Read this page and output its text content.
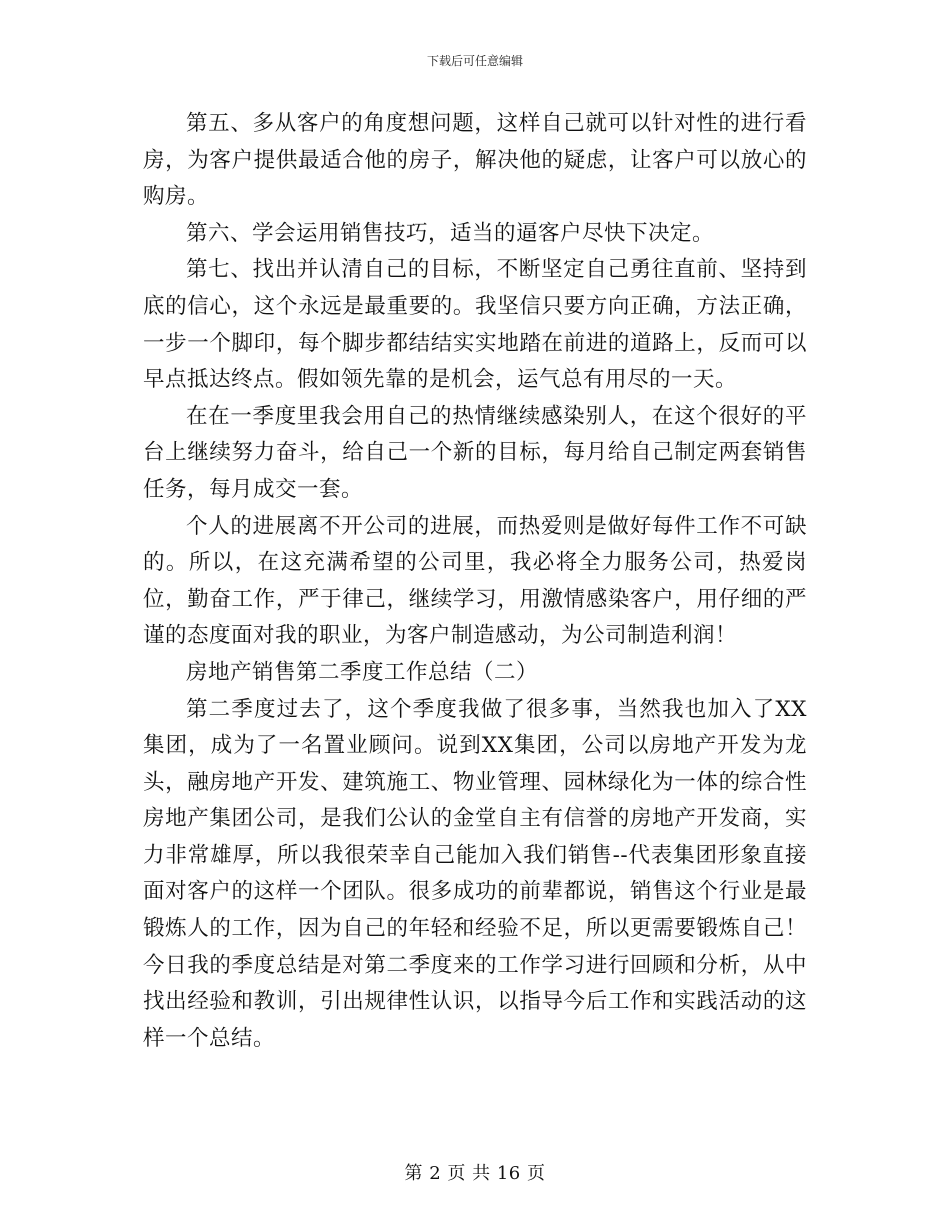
下载后可任意编辑

第五、多从客户的角度想问题，这样自己就可以针对性的进行看房，为客户提供最适合他的房子，解决他的疑虑，让客户可以放心的购房。

第六、学会运用销售技巧，适当的逼客户尽快下决定。

第七、找出并认清自己的目标，不断坚定自己勇往直前、坚持到底的信心，这个永远是最重要的。我坚信只要方向正确，方法正确，一步一个脚印，每个脚步都结结实实地踏在前进的道路上，反而可以早点抵达终点。假如领先靠的是机会，运气总有用尽的一天。

在在一季度里我会用自己的热情继续感染别人，在这个很好的平台上继续努力奋斗，给自己一个新的目标，每月给自己制定两套销售任务，每月成交一套。

个人的进展离不开公司的进展，而热爱则是做好每件工作不可缺的。所以，在这充满希望的公司里，我必将全力服务公司，热爱岗位，勤奋工作，严于律己，继续学习，用激情感染客户，用仔细的严谨的态度面对我的职业，为客户制造感动，为公司制造利润！

房地产销售第二季度工作总结（二）

第二季度过去了，这个季度我做了很多事，当然我也加入了XX集团，成为了一名置业顾问。说到XX集团，公司以房地产开发为龙头，融房地产开发、建筑施工、物业管理、园林绿化为一体的综合性房地产集团公司，是我们公认的金堂自主有信誉的房地产开发商，实力非常雄厚，所以我很荣幸自己能加入我们销售--代表集团形象直接面对客户的这样一个团队。很多成功的前辈都说，销售这个行业是最锻炼人的工作，因为自己的年轻和经验不足，所以更需要锻炼自己！今日我的季度总结是对第二季度来的工作学习进行回顾和分析，从中找出经验和教训，引出规律性认识，以指导今后工作和实践活动的这样一个总结。

第 2 页 共 16 页
